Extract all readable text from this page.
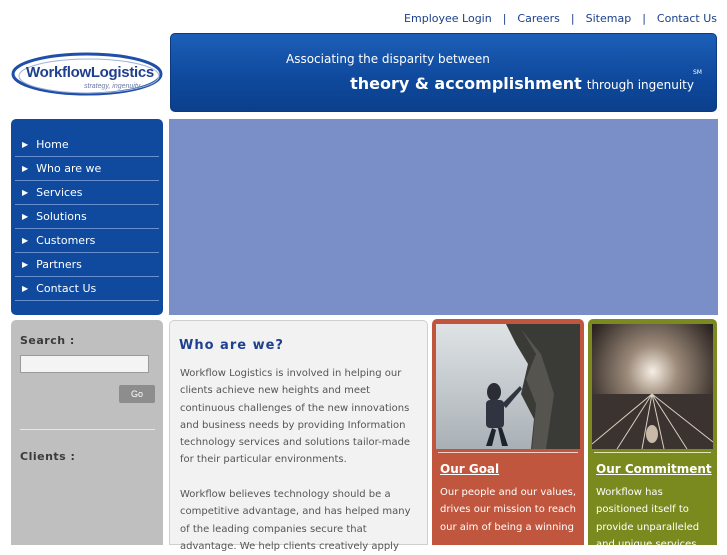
Employee Login | Careers | Sitemap | Contact Us
WorkflowLogistics
strategy, ingenuity
Associating the disparity between
theory & accomplishment through ingenuity
SM
▶ Home
▶ Who are we
▶ Services
▶ Solutions
▶ Customers
▶ Partners
▶ Contact Us
Search :
Go
Clients :
Who are we?
Workflow Logistics is involved in helping our clients achieve new heights and meet continuous challenges of the new innovations and business needs by providing Information technology services and solutions tailor-made for their particular environments.
Workflow believes technology should be a competitive advantage, and has helped many of the leading companies secure that advantage. We help clients creatively apply
Our Goal
Our people and our values, drives our mission to reach our aim of being a winning
Our Commitment
Workflow has positioned itself to provide unparalleled and unique services
